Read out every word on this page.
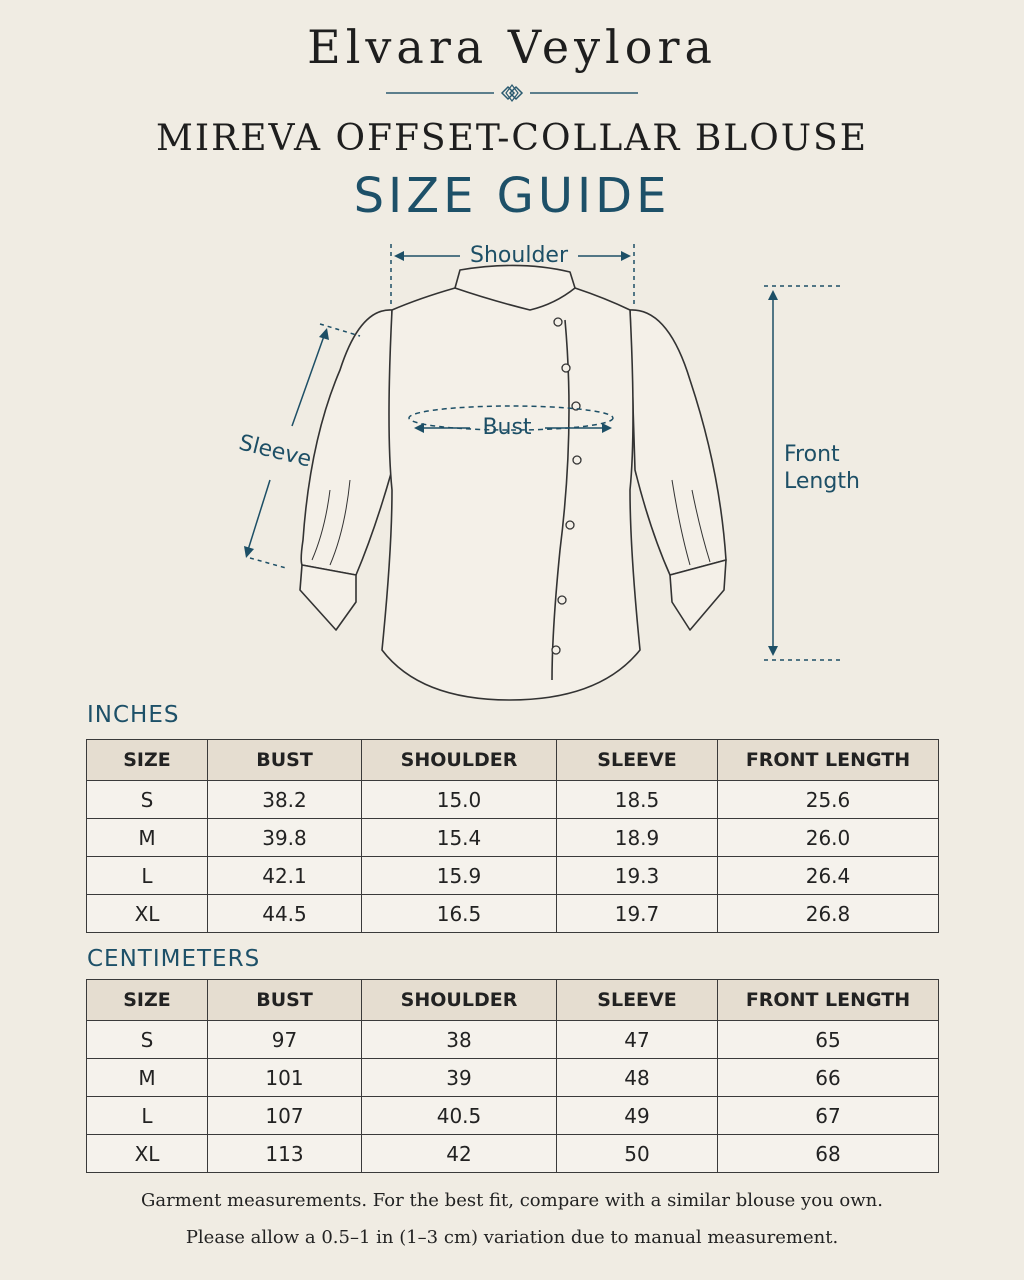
Elvara Veylora
MIREVA OFFSET-COLLAR BLOUSE
SIZE GUIDE
Shoulder
Bust
Sleeve	Front
Length
INCHES
SIZE	BUST	SHOULDER	SLEEVE	FRONT LENGTH
S	38.2	15.0	18.5	25.6
M	39.8	15.4	18.9	26.0
L	42.1	15.9	19.3	26.4
XL	44.5	16.5	19.7	26.8
CENTIMETERS
SIZE	BUST	SHOULDER	SLEEVE	FRONT LENGTH
S	97	38	47	65
M	101	39	48	66
L	107	40.5	49	67
XL	113	42	50	68
Garment measurements. For the best fit, compare with a similar blouse you own.
Please allow a 0.5–1 in (1–3 cm) variation due to manual measurement.
